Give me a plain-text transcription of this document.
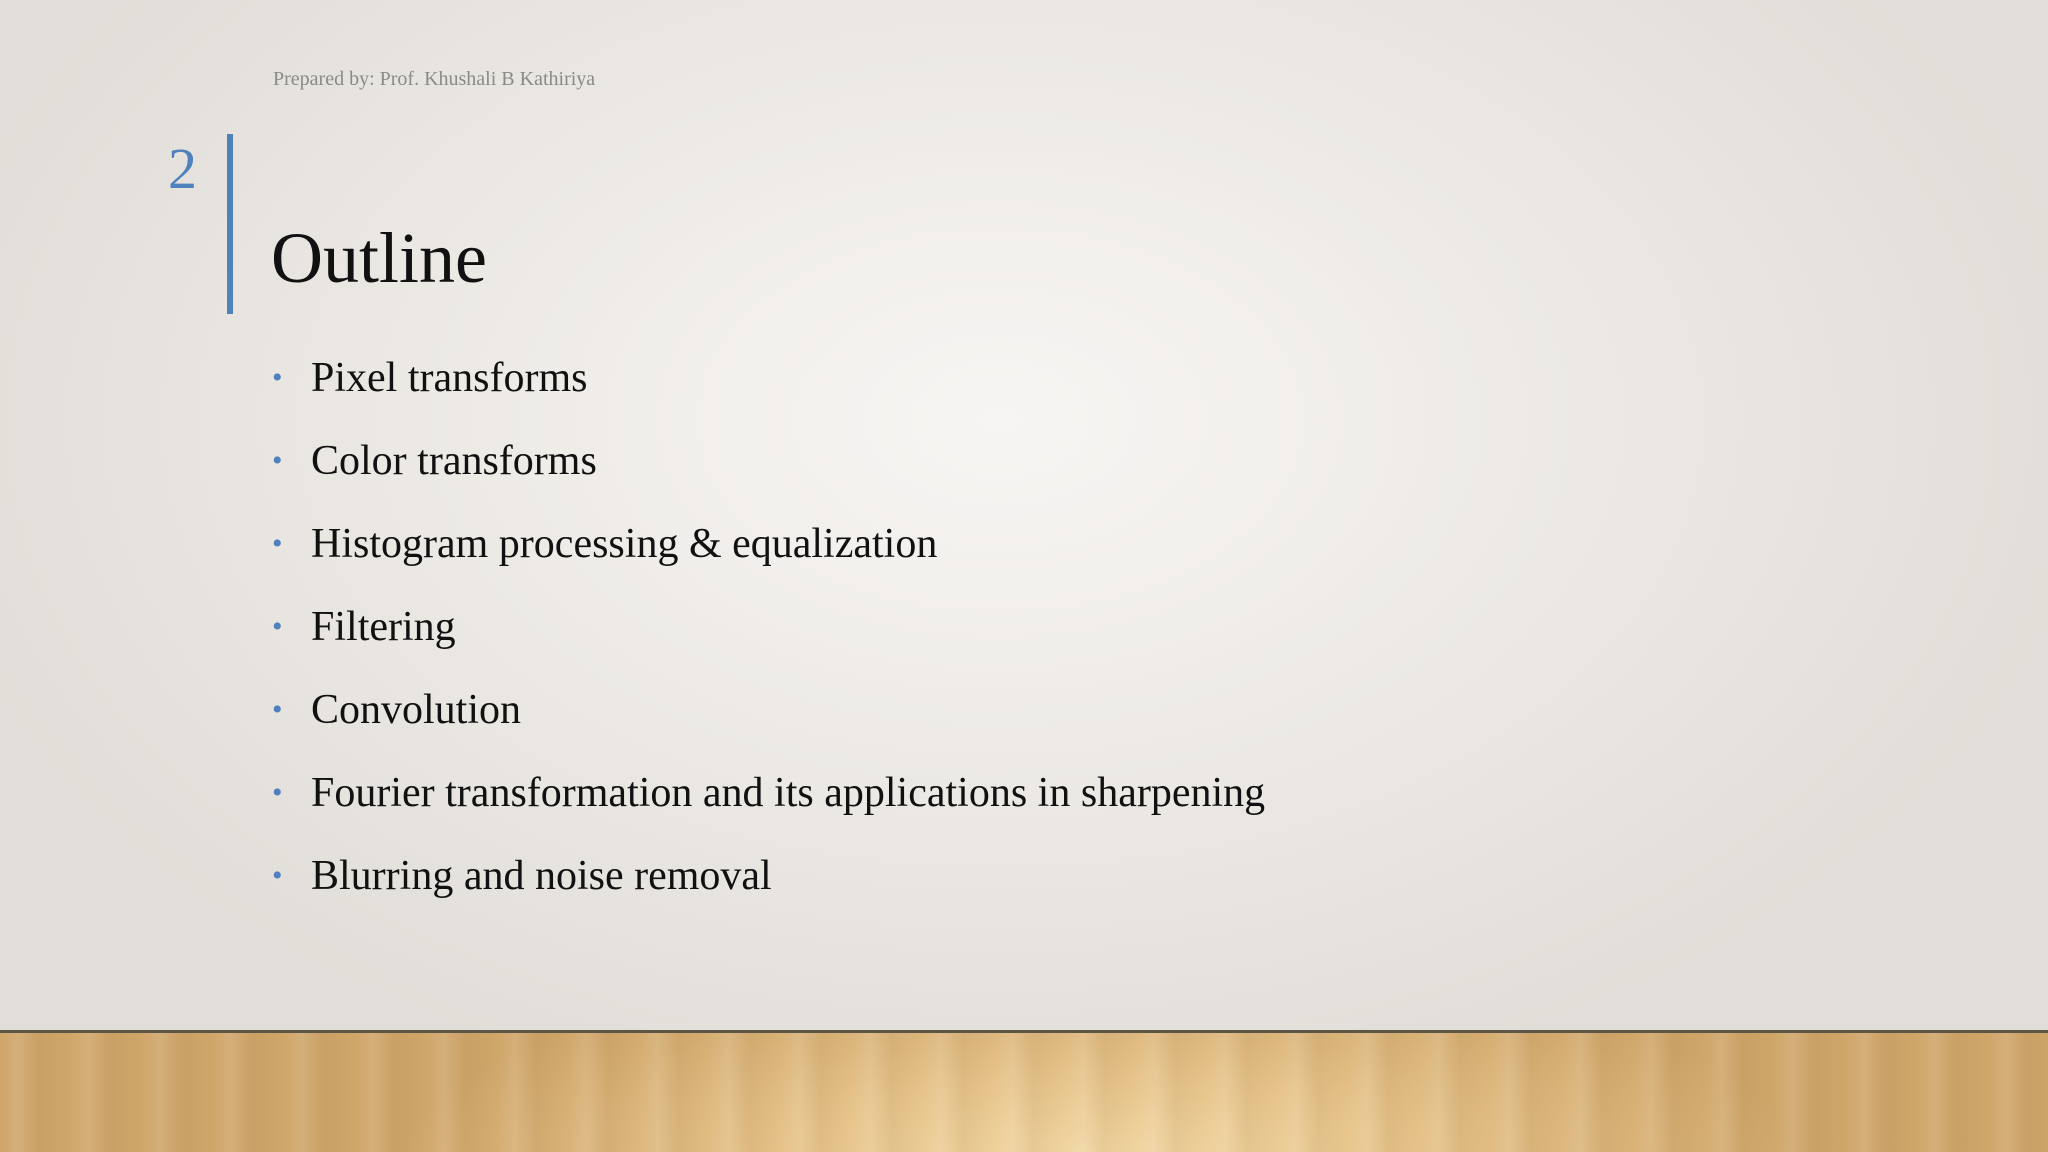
Prepared by: Prof. Khushali B Kathiriya
2
Outline
• Pixel transforms
• Color transforms
• Histogram processing & equalization
• Filtering
• Convolution
• Fourier transformation and its applications in sharpening
• Blurring and noise removal
